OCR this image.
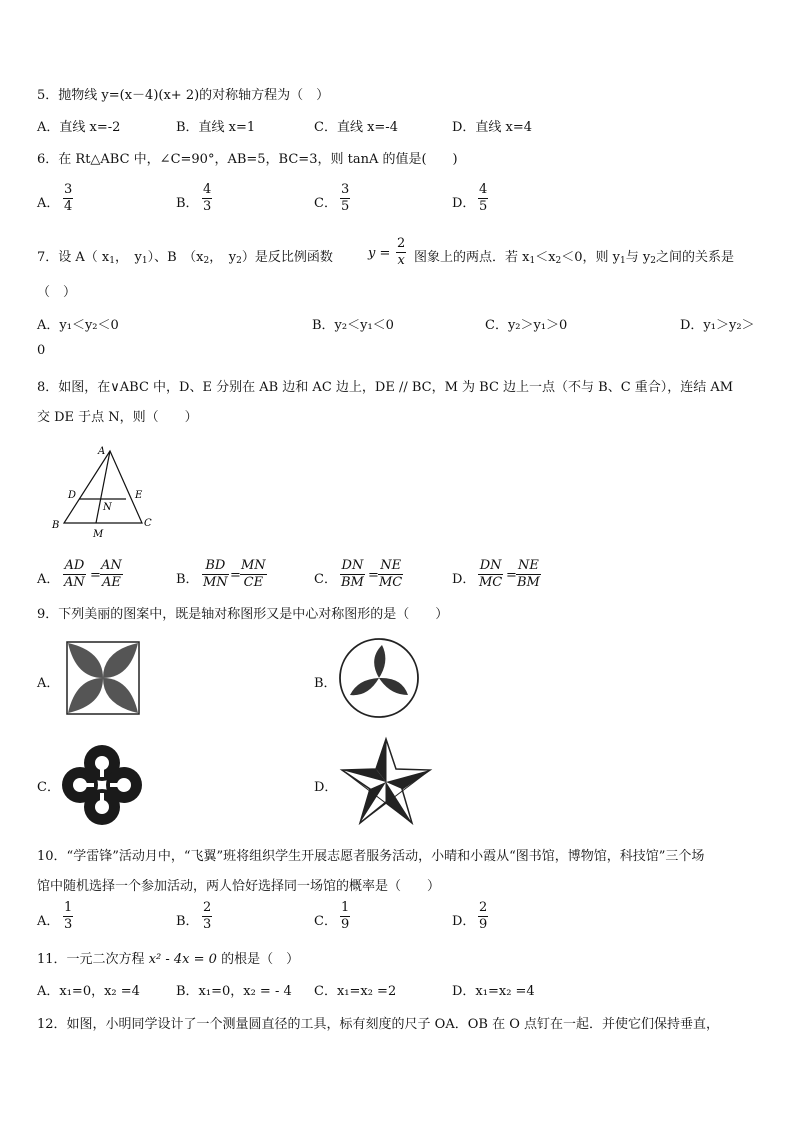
5．抛物线 y=(x－4)(x+ 2)的对称轴方程为（　）
A．直线 x=-2	B．直线 x=1	C．直线 x=-4	D．直线 x=4
6．在 Rt△ABC 中，∠C=90°，AB=5，BC=3，则 tanA 的值是(　　)
A． $\frac{3}{4}$	B． $\frac{4}{3}$	C． $\frac{3}{5}$	D． $\frac{4}{5}$
7．设 A（ $x_1$，　$y_1$）、B　（$x_2$，　$y_2$）是反比例函数	$y = \frac{2}{x}$ 图象上的两点．若 $x_1<x_2<0$，则 $y_1$与 $y_2$之间的关系是
（　）
A．y₁＜y₂＜0	B．y₂＜y₁＜0	C．y₂＞y₁＞0	D．y₁＞y₂＞
0
8．如图，在∨ABC 中，D、E 分别在 AB 边和 AC 边上，DE // BC，M 为 BC 边上一点（不与 B、C 重合），连结 AM
交 DE 于点 N，则（　　）
A
D	E
N
B	C
M
A． $\frac{AD}{AN} = \frac{AN}{AE}$	B． $\frac{BD}{MN} = \frac{MN}{CE}$	C． $\frac{DN}{BM} = \frac{NE}{MC}$	D． $\frac{DN}{MC} = \frac{NE}{BM}$
9．下列美丽的图案中，既是轴对称图形又是中心对称图形的是（　　）
A．	B．
C．	D．
10．“学雷锋”活动月中，“飞翼”班将组织学生开展志愿者服务活动，小晴和小霞从“图书馆，博物馆，科技馆”三个场
馆中随机选择一个参加活动，两人恰好选择同一场馆的概率是（　　）
A． $\frac{1}{3}$	B． $\frac{2}{3}$	C． $\frac{1}{9}$	D． $\frac{2}{9}$
11．一元二次方程 x² - 4x = 0 的根是（　）
A．x₁=0，x₂ =4	B．x₁=0，x₂ = - 4 C．x₁=x₂ =2	D．x₁=x₂ =4
12．如图，小明同学设计了一个测量圆直径的工具，标有刻度的尺子 OA．OB 在 O 点钉在一起．并使它们保持垂直，
